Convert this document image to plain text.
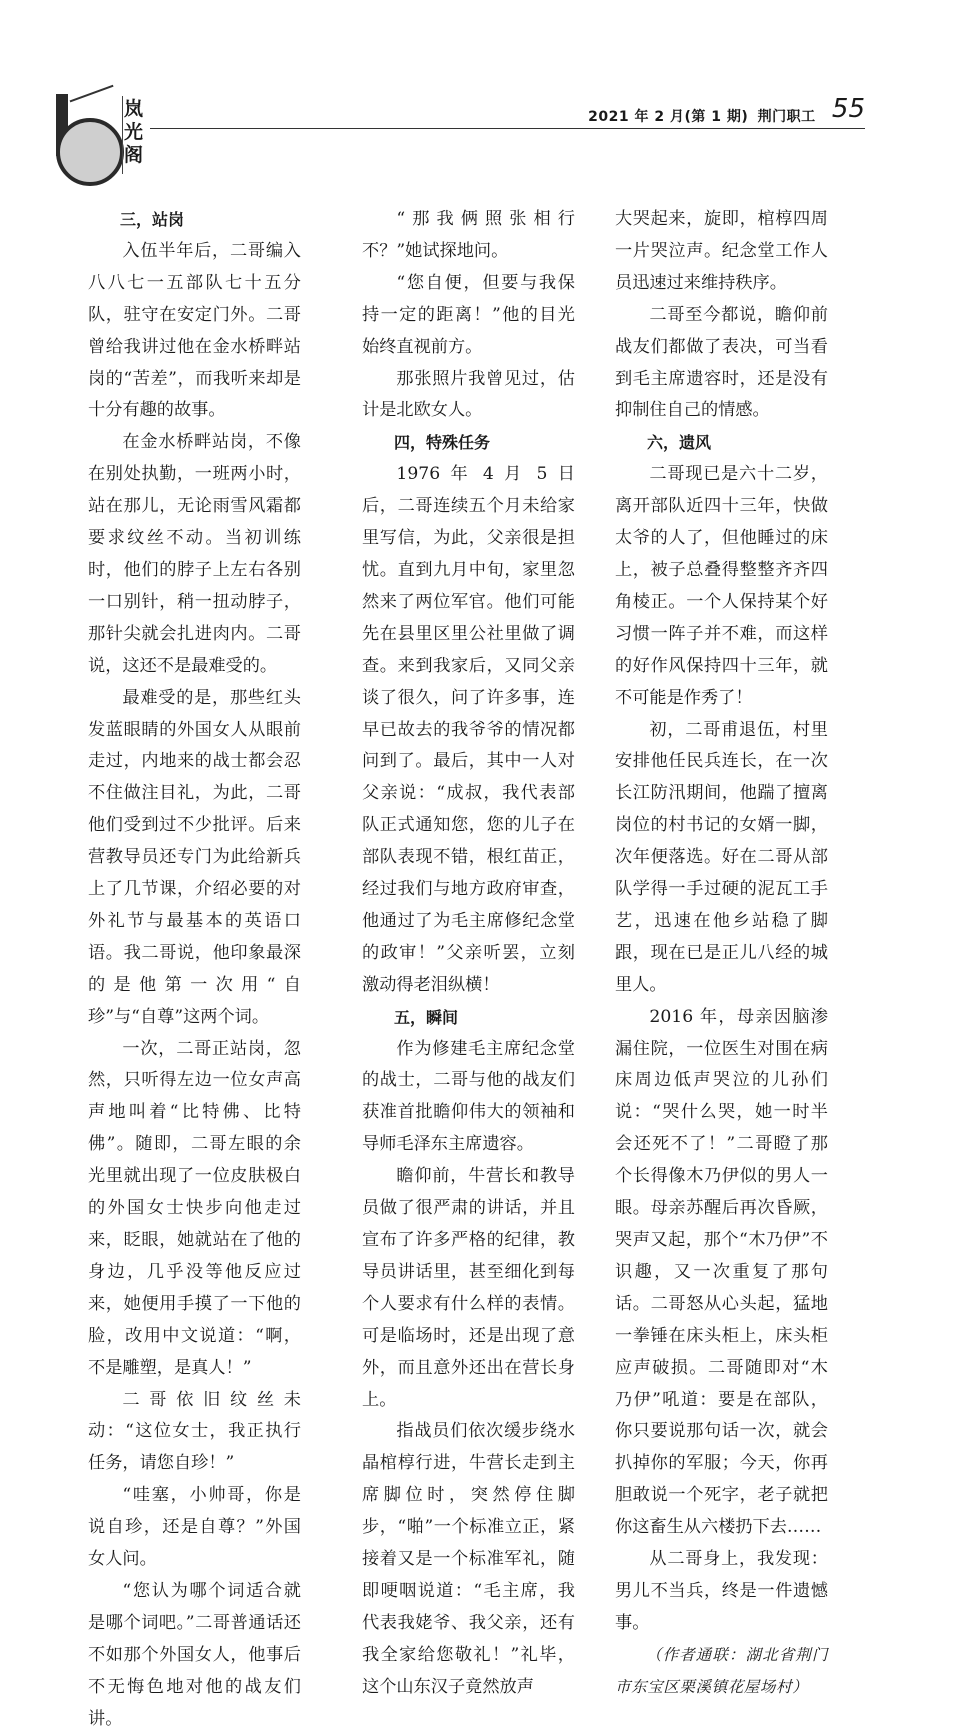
岚光阁
2021 年 2 月(第 1 期) 荆门职工 55
三，站岗

入伍半年后，二哥编入八八七一五部队七十五分队，驻守在安定门外。二哥曾给我讲过他在金水桥畔站岗的“苦差”，而我听来却是十分有趣的故事。

在金水桥畔站岗，不像在别处执勤，一班两小时，站在那儿，无论雨雪风霜都要求纹丝不动。当初训练时，他们的脖子上左右各别一口别针，稍一扭动脖子，那针尖就会扎进肉内。二哥说，这还不是最难受的。

最难受的是，那些红头发蓝眼睛的外国女人从眼前走过，内地来的战士都会忍不住做注目礼，为此，二哥他们受到过不少批评。后来营教导员还专门为此给新兵上了几节课，介绍必要的对外礼节与最基本的英语口语。我二哥说，他印象最深的是他第一次用“自珍”与“自尊”这两个词。

一次，二哥正站岗，忽然，只听得左边一位女声高声地叫着“比特佛、比特佛”。随即，二哥左眼的余光里就出现了一位皮肤极白的外国女士快步向他走过来，眨眼，她就站在了他的身边，几乎没等他反应过来，她便用手摸了一下他的脸，改用中文说道：“啊，不是雕塑，是真人！”

二哥依旧纹丝未动：“这位女士，我正执行任务，请您自珍！”

“哇塞，小帅哥，你是说自珍，还是自尊？”外国女人问。

“您认为哪个词适合就是哪个词吧。”二哥普通话还不如那个外国女人，他事后不无悔色地对他的战友们讲。

“那我俩照张相行不？”她试探地问。

“您自便，但要与我保持一定的距离！”他的目光始终直视前方。

那张照片我曾见过，估计是北欧女人。

四，特殊任务

1976 年 4 月 5 日后，二哥连续五个月未给家里写信，为此，父亲很是担忧。直到九月中旬，家里忽然来了两位军官。他们可能先在县里区里公社里做了调查。来到我家后，又同父亲谈了很久，问了许多事，连早已故去的我爷爷的情况都问到了。最后，其中一人对父亲说：“成叔，我代表部队正式通知您，您的儿子在部队表现不错，根红苗正，经过我们与地方政府审查，他通过了为毛主席修纪念堂的政审！”父亲听罢，立刻激动得老泪纵横！

五，瞬间

作为修建毛主席纪念堂的战士，二哥与他的战友们获准首批瞻仰伟大的领袖和导师毛泽东主席遗容。

瞻仰前，牛营长和教导员做了很严肃的讲话，并且宣布了许多严格的纪律，教导员讲话里，甚至细化到每个人要求有什么样的表情。可是临场时，还是出现了意外，而且意外还出在营长身上。

指战员们依次缓步绕水晶棺椁行进，牛营长走到主席脚位时，突然停住脚步，“啪”一个标准立正，紧接着又是一个标准军礼，随即哽咽说道：“毛主席，我代表我姥爷、我父亲，还有我全家给您敬礼！”礼毕，这个山东汉子竟然放声

大哭起来，旋即，棺椁四周一片哭泣声。纪念堂工作人员迅速过来维持秩序。

二哥至今都说，瞻仰前战友们都做了表决，可当看到毛主席遗容时，还是没有抑制住自己的情感。

六，遗风

二哥现已是六十二岁，离开部队近四十三年，快做太爷的人了，但他睡过的床上，被子总叠得整整齐齐四角棱正。一个人保持某个好习惯一阵子并不难，而这样的好作风保持四十三年，就不可能是作秀了！

初，二哥甫退伍，村里安排他任民兵连长，在一次长江防汛期间，他踹了擅离岗位的村书记的女婿一脚，次年便落选。好在二哥从部队学得一手过硬的泥瓦工手艺，迅速在他乡站稳了脚跟，现在已是正儿八经的城里人。

2016 年，母亲因脑渗漏住院，一位医生对围在病床周边低声哭泣的儿孙们说：“哭什么哭，她一时半会还死不了！”二哥瞪了那个长得像木乃伊似的男人一眼。母亲苏醒后再次昏厥，哭声又起，那个“木乃伊”不识趣，又一次重复了那句话。二哥怒从心头起，猛地一拳锤在床头柜上，床头柜应声破损。二哥随即对“木乃伊”吼道：要是在部队，你只要说那句话一次，就会扒掉你的军服；今天，你再胆敢说一个死字，老子就把你这畜生从六楼扔下去……

从二哥身上，我发现：男儿不当兵，终是一件遗憾事。

（作者通联：湖北省荆门市东宝区栗溪镇花屋场村）
